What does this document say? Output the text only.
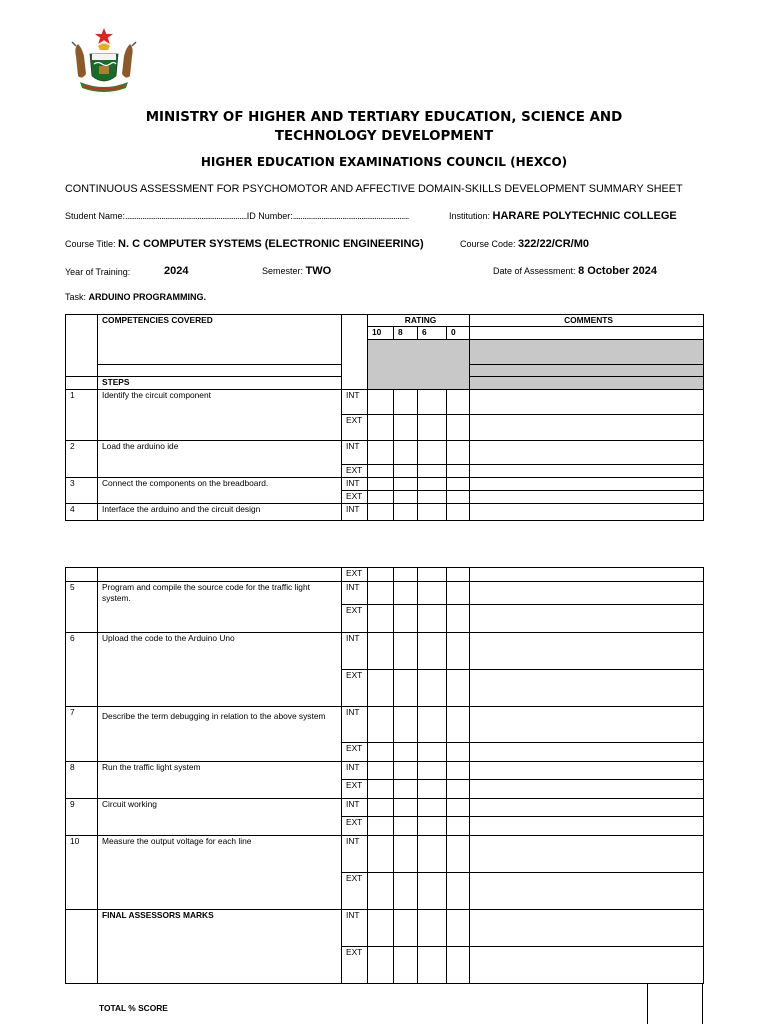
MINISTRY OF HIGHER AND TERTIARY EDUCATION, SCIENCE AND TECHNOLOGY DEVELOPMENT
HIGHER EDUCATION EXAMINATIONS COUNCIL (HEXCO)
CONTINUOUS ASSESSMENT FOR PSYCHOMOTOR AND AFFECTIVE DOMAIN-SKILLS DEVELOPMENT SUMMARY SHEET
Student Name:................................................................ID Number:.............................................................	Institution: HARARE POLYTECHNIC COLLEGE
Course Title: N. C COMPUTER SYSTEMS (ELECTRONIC ENGINEERING)	Course Code: 322/22/CR/M0
Year of Training:	2024	Semester: TWO	Date of Assessment: 8 October 2024
Task: ARDUINO PROGRAMMING.
	COMPETENCIES COVERED		RATING				COMMENTS
			10	8	6	0	

	STEPS						
1	Identify the circuit component	INT					
		EXT					
2	Load the arduino ide	INT					
		EXT					
3	Connect the components on the breadboard.	INT					
		EXT					
4	Interface the arduino and the circuit design	INT					
		EXT					
5	Program and compile the source code for the traffic light system.	INT					
		EXT					
6	Upload the code to the Arduino Uno	INT					
		EXT					
7	Describe the term debugging in relation to the above system	INT					
		EXT					
8	Run the traffic light system	INT					
		EXT					
9	Circuit working	INT					
		EXT					
10	Measure the output voltage for each line	INT					
		EXT					
	FINAL ASSESSORS MARKS	INT					
		EXT					
TOTAL % SCORE
